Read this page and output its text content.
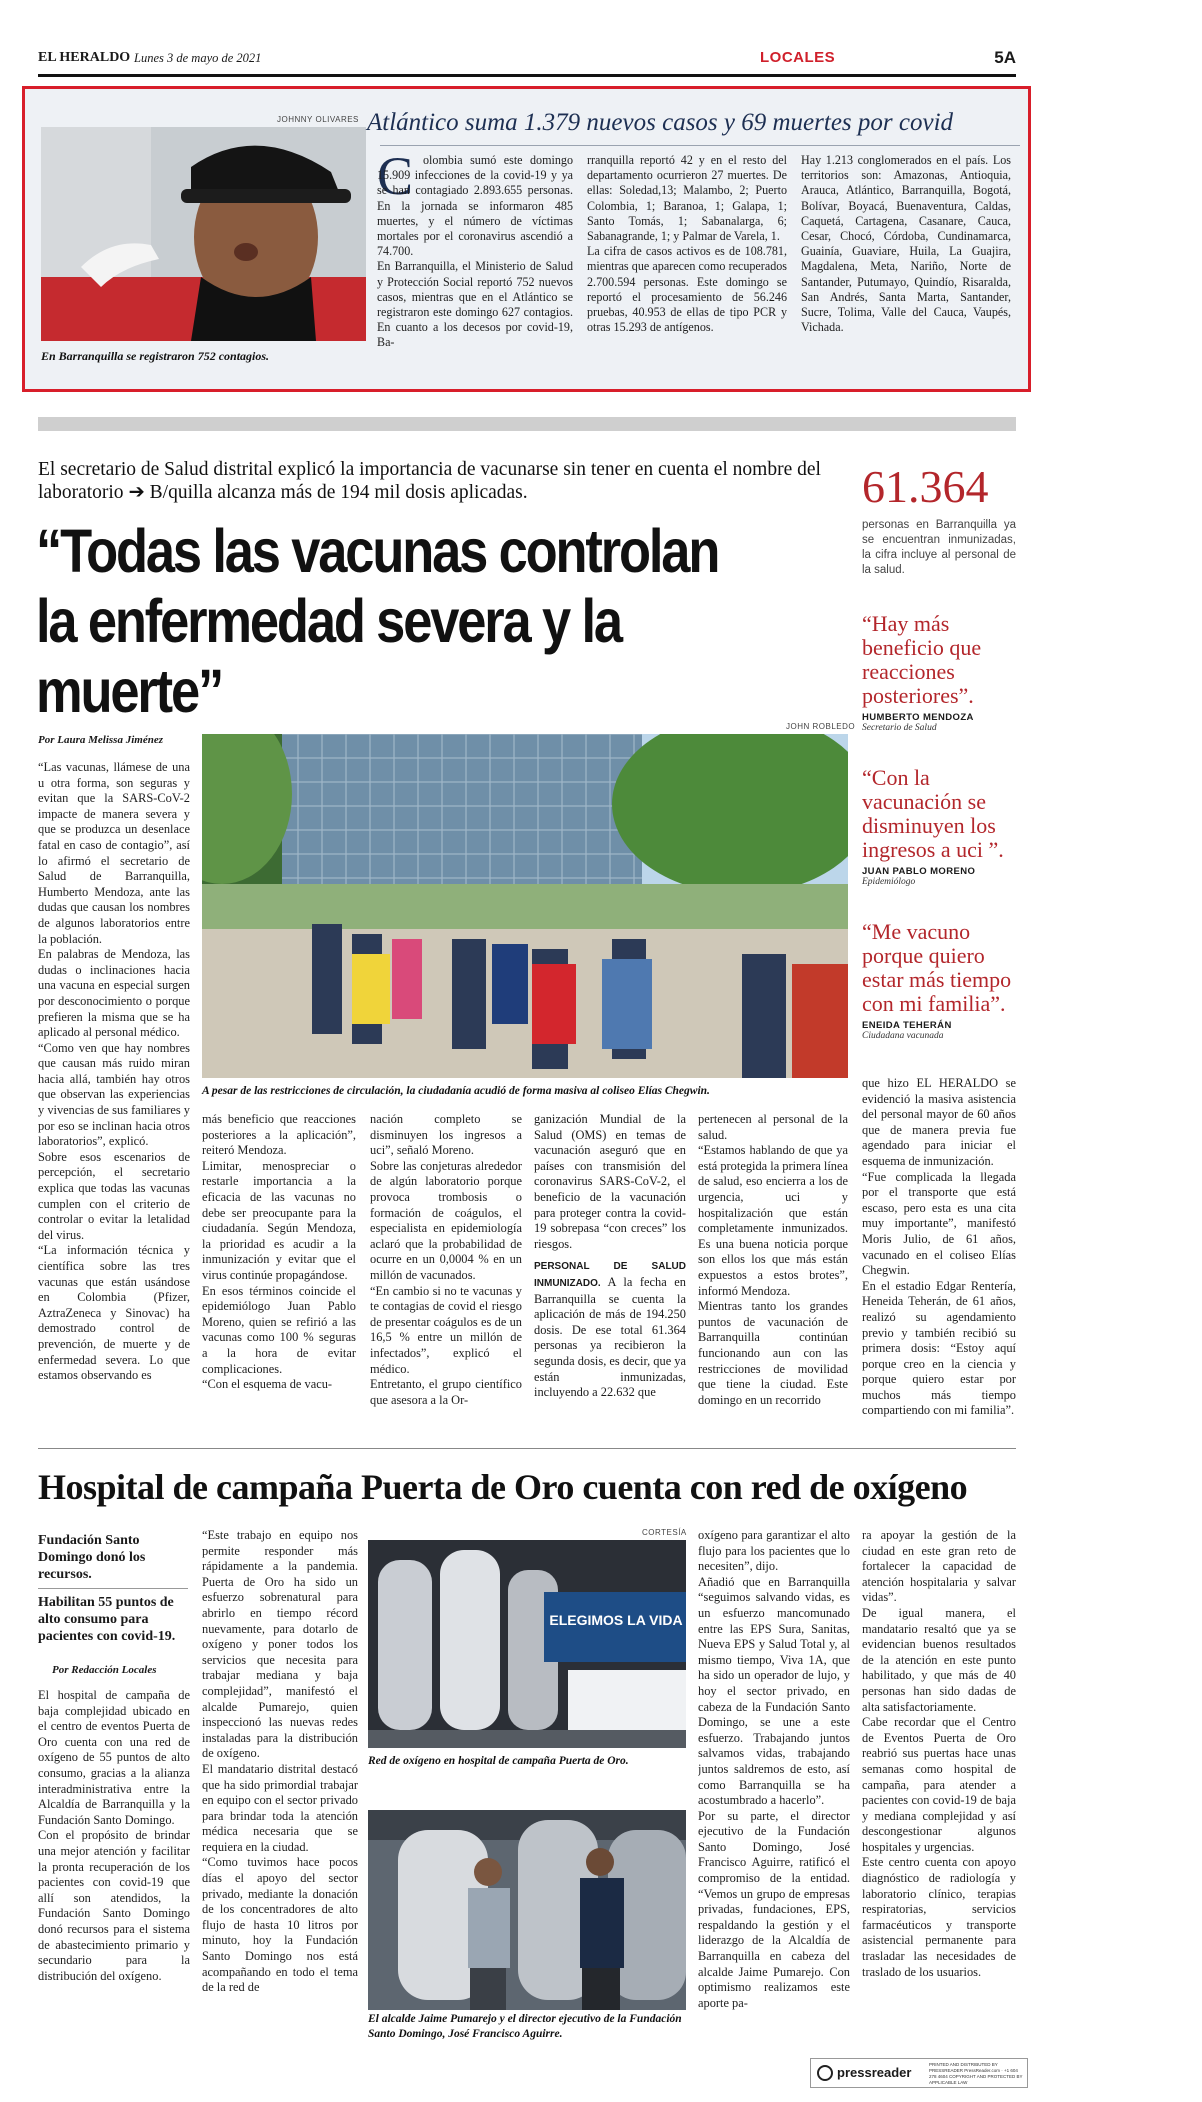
EL HERALDO Lunes 3 de mayo de 2021	LOCALES	5A
JOHNNY OLIVARES
En Barranquilla se registraron 752 contagios.
Atlántico suma 1.379 nuevos casos y 69 muertes por covid
C olombia sumó este domingo 15.909 infecciones de la covid-19 y ya se han contagiado 2.893.655 personas. En la jornada se informaron 485 muertes, y el número de víctimas mortales por el coronavirus ascendió a 74.700.
En Barranquilla, el Ministerio de Salud y Protección Social reportó 752 nuevos casos, mientras que en el Atlántico se registraron este domingo 627 contagios. En cuanto a los decesos por covid-19, Ba-
rranquilla reportó 42 y en el resto del departamento ocurrieron 27 muertes. De ellas: Soledad,13; Malambo, 2; Puerto Colombia, 1; Baranoa, 1; Galapa, 1; Santo Tomás, 1; Sabanalarga, 6; Sabanagrande, 1; y Palmar de Varela, 1.
La cifra de casos activos es de 108.781, mientras que aparecen como recuperados 2.700.594 personas. Este domingo se reportó el procesamiento de 56.246 pruebas, 40.953 de ellas de tipo PCR y otras 15.293 de antígenos.
Hay 1.213 conglomerados en el país. Los territorios son: Amazonas, Antioquia, Arauca, Atlántico, Barranquilla, Bogotá, Bolívar, Boyacá, Buenaventura, Caldas, Caquetá, Cartagena, Casanare, Cauca, Cesar, Chocó, Córdoba, Cundinamarca, Guainía, Guaviare, Huila, La Guajira, Magdalena, Meta, Nariño, Norte de Santander, Putumayo, Quindío, Risaralda, San Andrés, Santa Marta, Santander, Sucre, Tolima, Valle del Cauca, Vaupés, Vichada.
El secretario de Salud distrital explicó la importancia de vacunarse sin tener en cuenta el nombre del laboratorio ➔ B/quilla alcanza más de 194 mil dosis aplicadas.
“Todas las vacunas controlan la enfermedad severa y la muerte”
61.364
personas en Barranquilla ya se encuentran inmunizadas, la cifra incluye al personal de la salud.
“Hay más beneficio que reacciones posteriores”.
HUMBERTO MENDOZA
Secretario de Salud
“Con la vacunación se disminuyen los ingresos a uci ”.
JUAN PABLO MORENO
Epidemiólogo
“Me vacuno porque quiero estar más tiempo con mi familia”.
ENEIDA TEHERÁN
Ciudadana vacunada
JOHN ROBLEDO
A pesar de las restricciones de circulación, la ciudadanía acudió de forma masiva al coliseo Elías Chegwin.
Por Laura Melissa Jiménez
“Las vacunas, llámese de una u otra forma, son seguras y evitan que la SARS-CoV-2 impacte de manera severa y que se produzca un desenlace fatal en caso de contagio”, así lo afirmó el secretario de Salud de Barranquilla, Humberto Mendoza, ante las dudas que causan los nombres de algunos laboratorios entre la población.
En palabras de Mendoza, las dudas o inclinaciones hacia una vacuna en especial surgen por desconocimiento o porque prefieren la misma que se ha aplicado al personal médico.
“Como ven que hay nombres que causan más ruido miran hacia allá, también hay otros que observan las experiencias y vivencias de sus familiares y por eso se inclinan hacia otros laboratorios”, explicó.
Sobre esos escenarios de percepción, el secretario explica que todas las vacunas cumplen con el criterio de controlar o evitar la letalidad del virus.
“La información técnica y científica sobre las tres vacunas que están usándose en Colombia (Pfizer, AztraZeneca y Sinovac) ha demostrado control de prevención, de muerte y de enfermedad severa. Lo que estamos observando es
más beneficio que reacciones posteriores a la aplicación”, reiteró Mendoza.
Limitar, menospreciar o restarle importancia a la eficacia de las vacunas no debe ser preocupante para la ciudadanía. Según Mendoza, la prioridad es acudir a la inmunización y evitar que el virus continúe propagándose.
En esos términos coincide el epidemiólogo Juan Pablo Moreno, quien se refirió a las vacunas como 100 % seguras a la hora de evitar complicaciones.
“Con el esquema de vacu-
nación completo se disminuyen los ingresos a uci”, señaló Moreno.
Sobre las conjeturas alrededor de algún laboratorio porque provoca trombosis o formación de coágulos, el especialista en epidemiología aclaró que la probabilidad de ocurre en un 0,0004 % en un millón de vacunados.
“En cambio si no te vacunas y te contagias de covid el riesgo de presentar coágulos es de un 16,5 % entre un millón de infectados”, explicó el médico.
Entretanto, el grupo científico que asesora a la Or-
ganización Mundial de la Salud (OMS) en temas de vacunación aseguró que en países con transmisión del coronavirus SARS-CoV-2, el beneficio de la vacunación para proteger contra la covid-19 sobrepasa “con creces” los riesgos.
PERSONAL DE SALUD INMUNIZADO. A la fecha en Barranquilla se cuenta la aplicación de más de 194.250 dosis. De ese total 61.364 personas ya recibieron la segunda dosis, es decir, que ya están inmunizadas, incluyendo a 22.632 que
pertenecen al personal de la salud.
“Estamos hablando de que ya está protegida la primera línea de salud, eso encierra a los de urgencia, uci y hospitalización que están completamente inmunizados. Es una buena noticia porque son ellos los que más están expuestos a estos brotes”, informó Mendoza.
Mientras tanto los grandes puntos de vacunación de Barranquilla continúan funcionando aun con las restricciones de movilidad que tiene la ciudad. Este domingo en un recorrido
que hizo EL HERALDO se evidenció la masiva asistencia del personal mayor de 60 años que de manera previa fue agendado para iniciar el esquema de inmunización.
“Fue complicada la llegada por el transporte que está escaso, pero esta es una cita muy importante”, manifestó Moris Julio, de 61 años, vacunado en el coliseo Elías Chegwin.
En el estadio Edgar Rentería, Heneida Teherán, de 61 años, realizó su agendamiento previo y también recibió su primera dosis: “Estoy aquí porque creo en la ciencia y porque quiero estar por muchos más tiempo compartiendo con mi familia”.
Hospital de campaña Puerta de Oro cuenta con red de oxígeno
Fundación Santo Domingo donó los recursos.
Habilitan 55 puntos de alto consumo para pacientes con covid-19.
Por Redacción Locales
El hospital de campaña de baja complejidad ubicado en el centro de eventos Puerta de Oro cuenta con una red de oxígeno de 55 puntos de alto consumo, gracias a la alianza interadministrativa entre la Alcaldía de Barranquilla y la Fundación Santo Domingo.
Con el propósito de brindar una mejor atención y facilitar la pronta recuperación de los pacientes con covid-19 que allí son atendidos, la Fundación Santo Domingo donó recursos para el sistema de abastecimiento primario y secundario para la distribución del oxígeno.
“Este trabajo en equipo nos permite responder más rápidamente a la pandemia. Puerta de Oro ha sido un esfuerzo sobrenatural para abrirlo en tiempo récord nuevamente, para dotarlo de oxígeno y poner todos los servicios que necesita para trabajar mediana y baja complejidad”, manifestó el alcalde Pumarejo, quien inspeccionó las nuevas redes instaladas para la distribución de oxígeno.
El mandatario distrital destacó que ha sido primordial trabajar en equipo con el sector privado para brindar toda la atención médica necesaria que se requiera en la ciudad.
“Como tuvimos hace pocos días el apoyo del sector privado, mediante la donación de los concentradores de alto flujo de hasta 10 litros por minuto, hoy la Fundación Santo Domingo nos está acompañando en todo el tema de la red de
CORTESÍA
ELEGIMOS LA VIDA
Red de oxígeno en hospital de campaña Puerta de Oro.
El alcalde Jaime Pumarejo y el director ejecutivo de la Fundación Santo Domingo, José Francisco Aguirre.
oxígeno para garantizar el alto flujo para los pacientes que lo necesiten”, dijo.
Añadió que en Barranquilla “seguimos salvando vidas, es un esfuerzo mancomunado entre las EPS Sura, Sanitas, Nueva EPS y Salud Total y, al mismo tiempo, Viva 1A, que ha sido un operador de lujo, y hoy el sector privado, en cabeza de la Fundación Santo Domingo, se une a este esfuerzo. Trabajando juntos salvamos vidas, trabajando juntos saldremos de esto, así como Barranquilla se ha acostumbrado a hacerlo”.
Por su parte, el director ejecutivo de la Fundación Santo Domingo, José Francisco Aguirre, ratificó el compromiso de la entidad. “Vemos un grupo de empresas privadas, fundaciones, EPS, respaldando la gestión y el liderazgo de la Alcaldía de Barranquilla en cabeza del alcalde Jaime Pumarejo. Con optimismo realizamos este aporte pa-
ra apoyar la gestión de la ciudad en este gran reto de fortalecer la capacidad de atención hospitalaria y salvar vidas”.
De igual manera, el mandatario resaltó que ya se evidencian buenos resultados de la atención en este punto habilitado, y que más de 40 personas han sido dadas de alta satisfactoriamente.
Cabe recordar que el Centro de Eventos Puerta de Oro reabrió sus puertas hace unas semanas como hospital de campaña, para atender a pacientes con covid-19 de baja y mediana complejidad y así descongestionar algunos hospitales y urgencias.
Este centro cuenta con apoyo diagnóstico de radiología y laboratorio clínico, terapias respiratorias, servicios farmacéuticos y transporte asistencial permanente para trasladar las necesidades de traslado de los usuarios.
pressreader
PRINTED AND DISTRIBUTED BY PRESSREADER PressReader.com · +1 604 278 4604 COPYRIGHT AND PROTECTED BY APPLICABLE LAW
